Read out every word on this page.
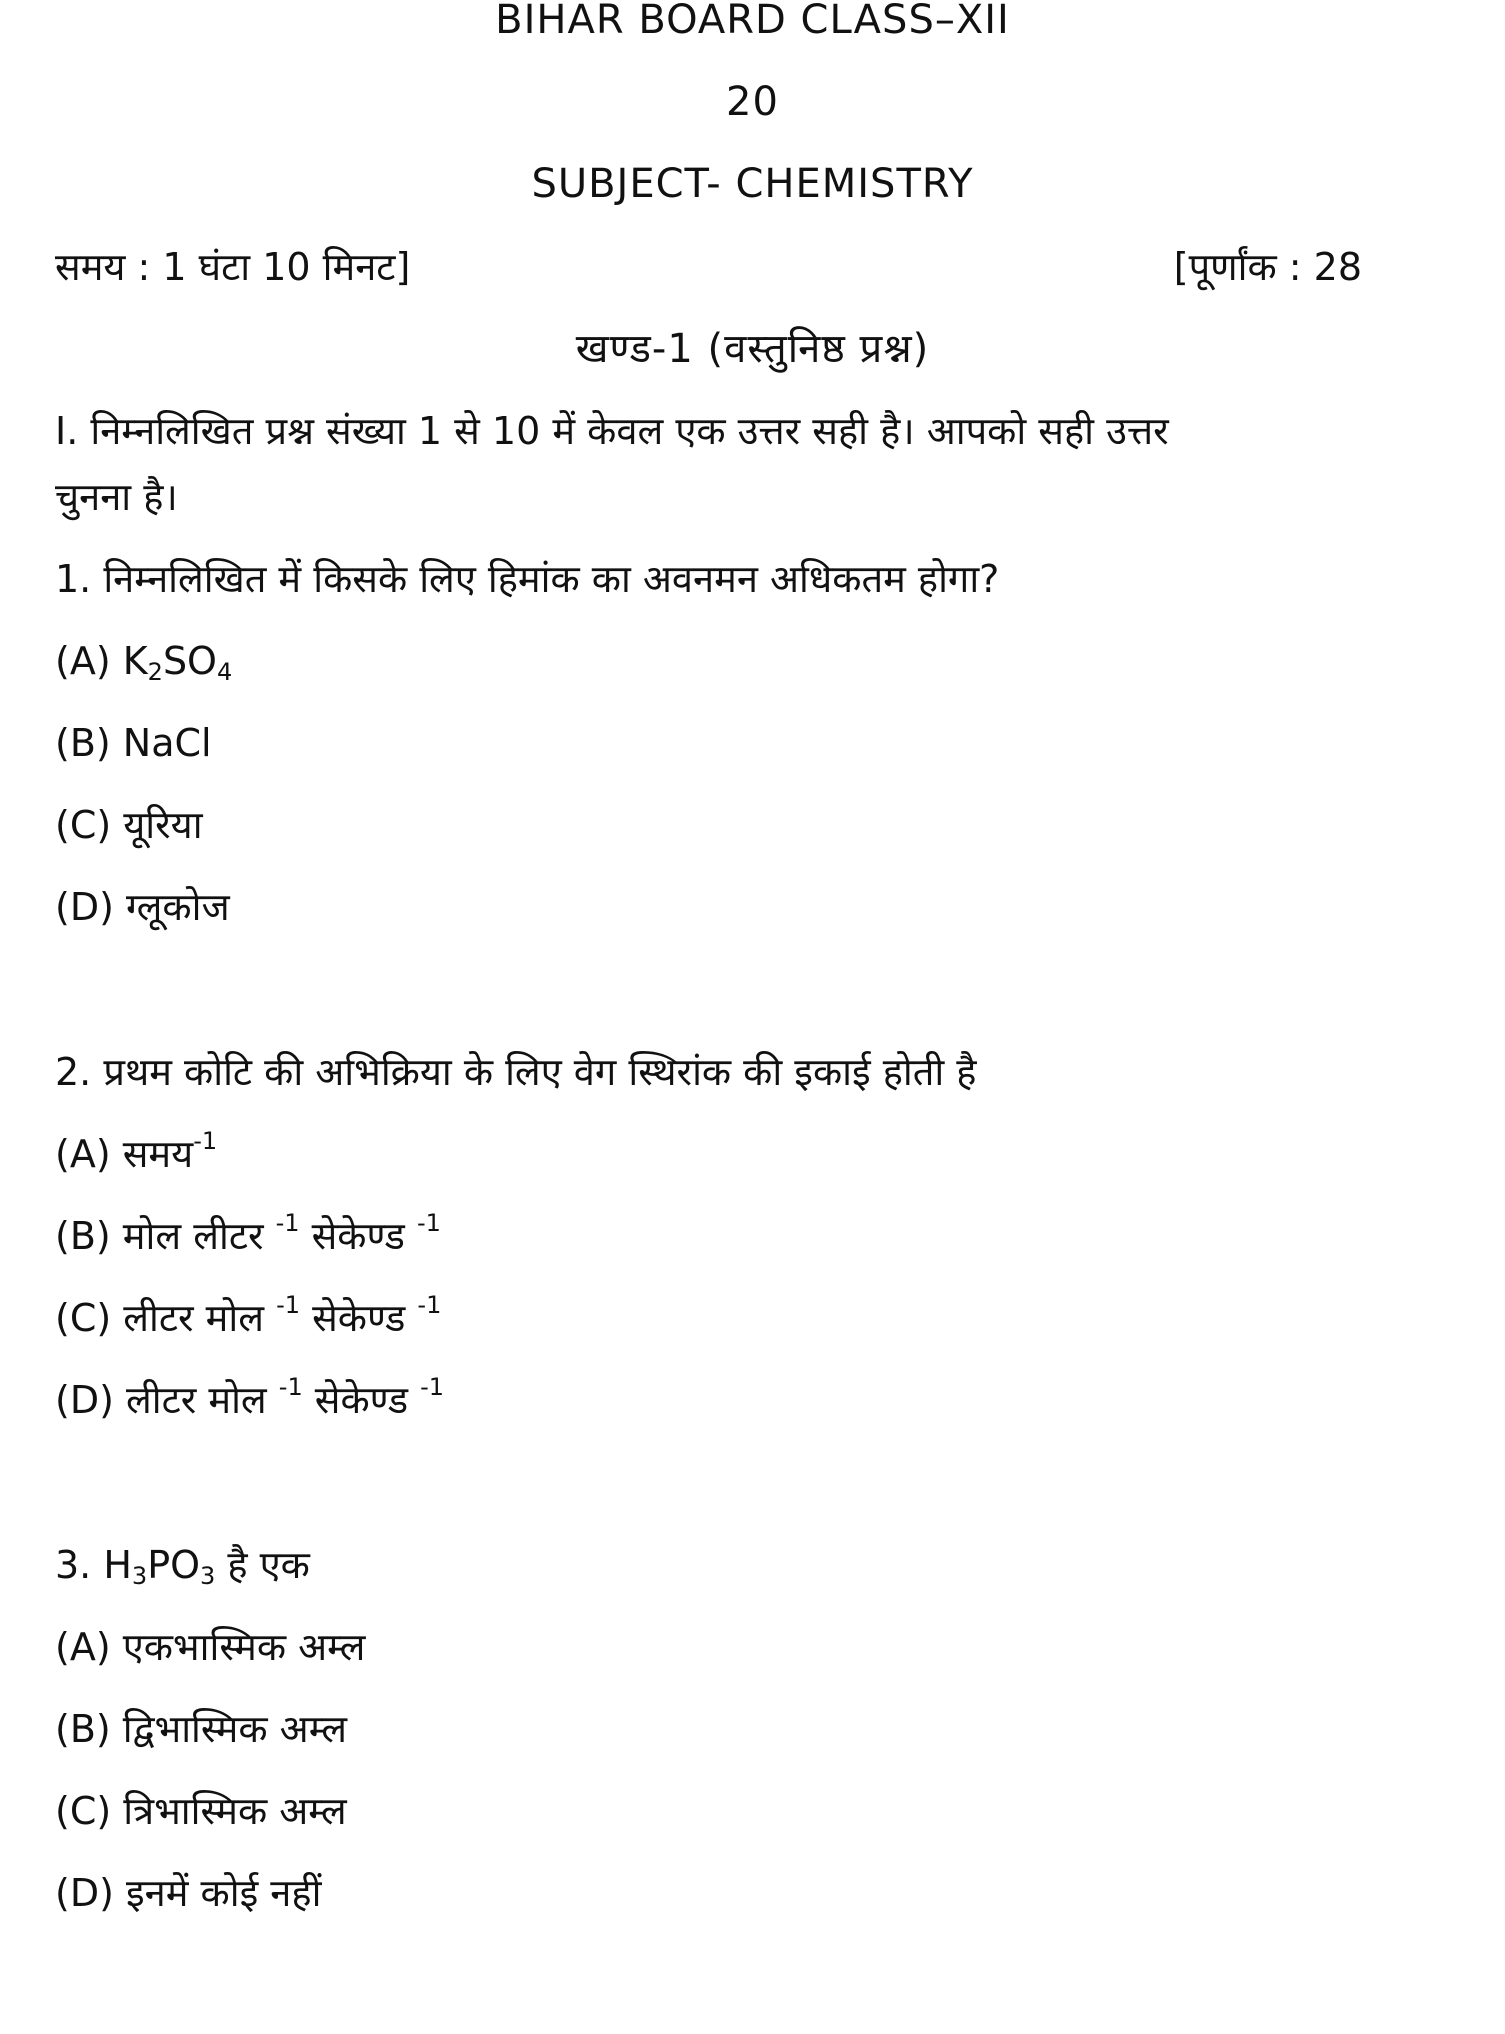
BIHAR BOARD CLASS–XII
20
SUBJECT- CHEMISTRY
समय : 1 घंटा 10 मिनट]	[पूर्णांक : 28
खण्ड-1 (वस्तुनिष्ठ प्रश्न)
I. निम्नलिखित प्रश्न संख्या 1 से 10 में केवल एक उत्तर सही है। आपको सही उत्तर
चुनना है।
1. निम्नलिखित में किसके लिए हिमांक का अवनमन अधिकतम होगा?
(A) $K_2SO_4$
(B) NaCl
(C) यूरिया
(D) ग्लूकोज
2. प्रथम कोटि की अभिक्रिया के लिए वेग स्थिरांक की इकाई होती है
(A) समय$^{-1}$
(B) मोल लीटर $^{-1}$ सेकेण्ड $^{-1}$
(C) लीटर मोल $^{-1}$ सेकेण्ड $^{-1}$
(D) लीटर मोल $^{-1}$ सेकेण्ड $^{-1}$
3. $H_3PO_3$ है एक
(A) एकभास्मिक अम्ल
(B) द्विभास्मिक अम्ल
(C) त्रिभास्मिक अम्ल
(D) इनमें कोई नहीं
